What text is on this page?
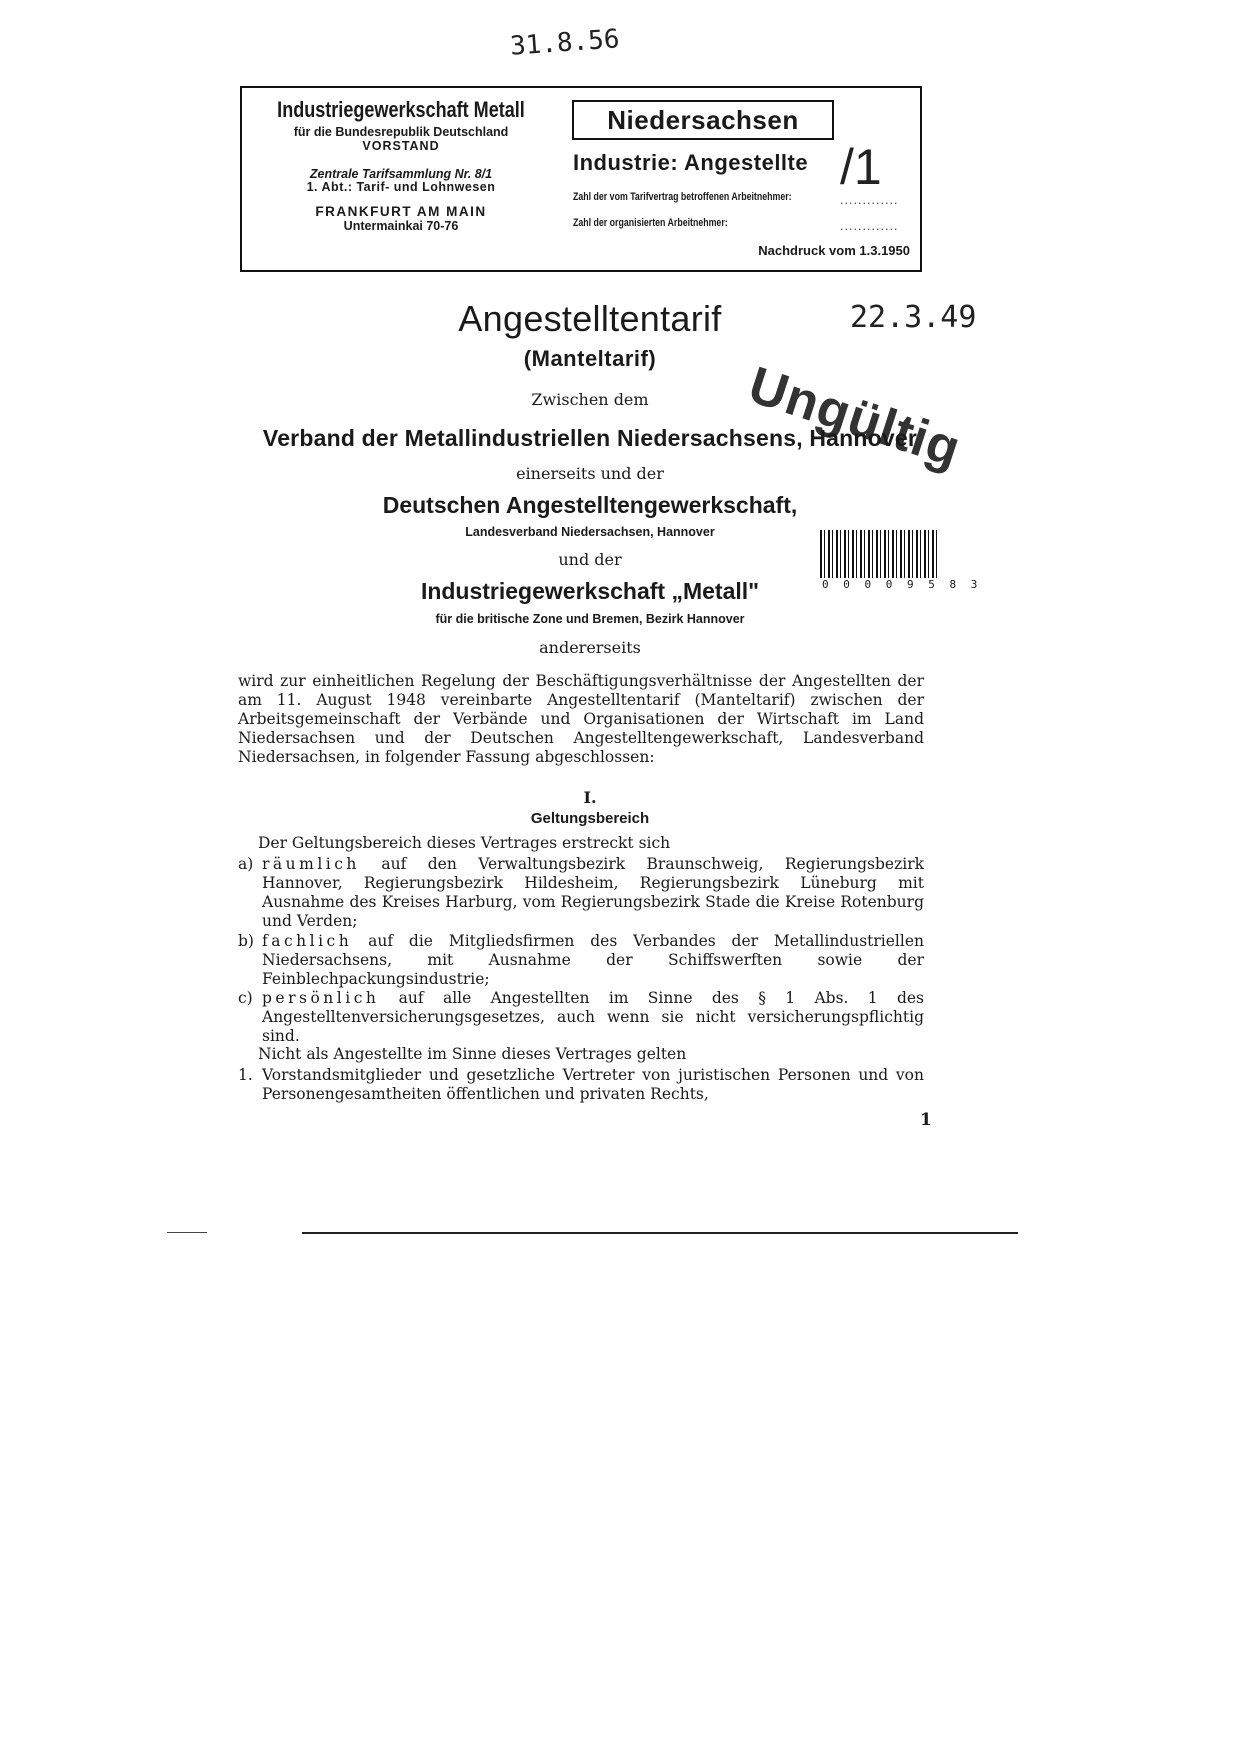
31.8.56
Industriegewerkschaft Metall
für die Bundesrepublik Deutschland
VORSTAND
Zentrale Tarifsammlung Nr. 8/1
1. Abt.: Tarif- und Lohnwesen
FRANKFURT AM MAIN
Untermainkai 70-76
Niedersachsen
Industrie: Angestellte /1
Zahl der vom Tarifvertrag betroffenen Arbeitnehmer:	.............
Zahl der organisierten Arbeitnehmer:	.............
Nachdruck vom 1.3.1950
22.3.49
Ungültig
0 0 0 0 9 5 8 3
Angestelltentarif
(Manteltarif)
Zwischen dem
Verband der Metallindustriellen Niedersachsens, Hannover
einerseits und der
Deutschen Angestelltengewerkschaft,
Landesverband Niedersachsen, Hannover
und der
Industriegewerkschaft „Metall"
für die britische Zone und Bremen, Bezirk Hannover
andererseits
wird zur einheitlichen Regelung der Beschäftigungsverhältnisse der Angestellten der am 11. August 1948 vereinbarte Angestelltentarif (Manteltarif) zwischen der Arbeitsgemeinschaft der Verbände und Organisationen der Wirtschaft im Land Niedersachsen und der Deutschen Angestelltengewerkschaft, Landesverband Niedersachsen, in folgender Fassung abgeschlossen:
I.
Geltungsbereich
Der Geltungsbereich dieses Vertrages erstreckt sich
a) räumlich auf den Verwaltungsbezirk Braunschweig, Regierungsbezirk Hannover, Regierungsbezirk Hildesheim, Regierungsbezirk Lüneburg mit Ausnahme des Kreises Harburg, vom Regierungsbezirk Stade die Kreise Rotenburg und Verden;
b) fachlich auf die Mitgliedsfirmen des Verbandes der Metallindustriellen Niedersachsens, mit Ausnahme der Schiffswerften sowie der Feinblechpackungsindustrie;
c) persönlich auf alle Angestellten im Sinne des § 1 Abs. 1 des Angestelltenversicherungsgesetzes, auch wenn sie nicht versicherungspflichtig sind.
Nicht als Angestellte im Sinne dieses Vertrages gelten
1. Vorstandsmitglieder und gesetzliche Vertreter von juristischen Personen und von Personengesamtheiten öffentlichen und privaten Rechts,
1
